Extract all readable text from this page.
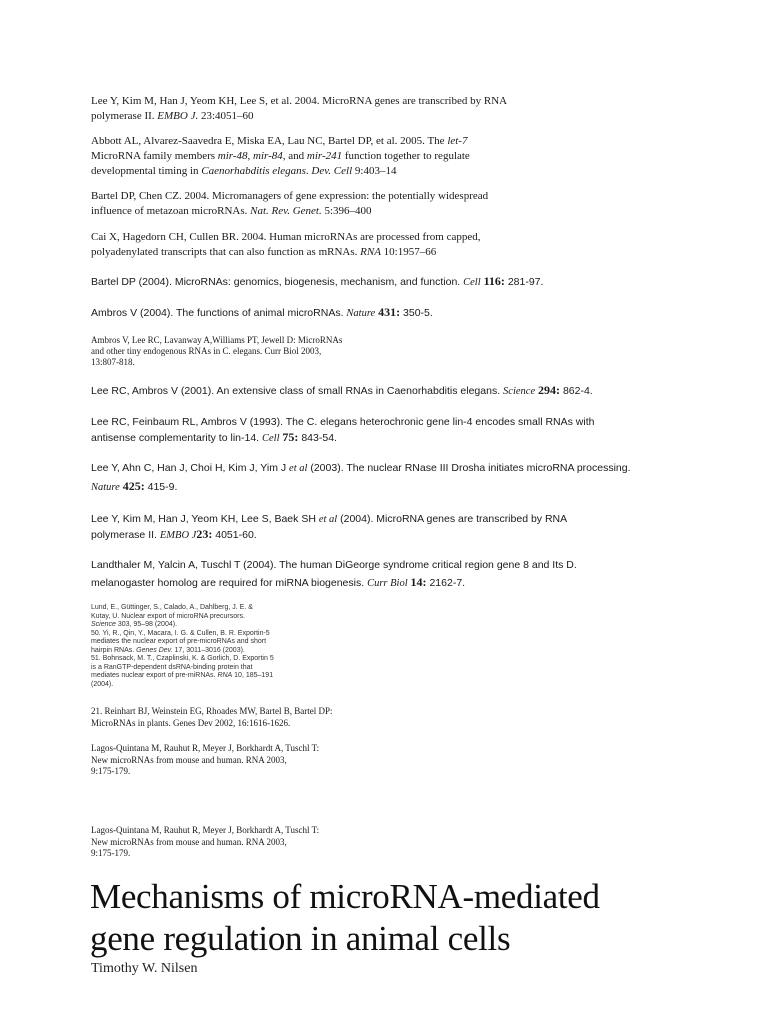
Lee Y, Kim M, Han J, Yeom KH, Lee S, et al. 2004. MicroRNA genes are transcribed by RNA
polymerase II. EMBO J. 23:4051–60
Abbott AL, Alvarez-Saavedra E, Miska EA, Lau NC, Bartel DP, et al. 2005. The let-7
MicroRNA family members mir-48, mir-84, and mir-241 function together to regulate
developmental timing in Caenorhabditis elegans. Dev. Cell 9:403–14
Bartel DP, Chen CZ. 2004. Micromanagers of gene expression: the potentially widespread
influence of metazoan microRNAs. Nat. Rev. Genet. 5:396–400
Cai X, Hagedorn CH, Cullen BR. 2004. Human microRNAs are processed from capped,
polyadenylated transcripts that can also function as mRNAs. RNA 10:1957–66
Bartel DP (2004). MicroRNAs: genomics, biogenesis, mechanism, and function. Cell 116: 281-97.
Ambros V (2004). The functions of animal microRNAs. Nature 431: 350-5.
Ambros V, Lee RC, Lavanway A,Williams PT, Jewell D: MicroRNAs
and other tiny endogenous RNAs in C. elegans. Curr Biol 2003,
13:807-818.
Lee RC, Ambros V (2001). An extensive class of small RNAs in Caenorhabditis elegans. Science 294: 862-4.
Lee RC, Feinbaum RL, Ambros V (1993). The C. elegans heterochronic gene lin-4 encodes small RNAs with
antisense complementarity to lin-14. Cell 75: 843-54.
Lee Y, Ahn C, Han J, Choi H, Kim J, Yim J et al (2003). The nuclear RNase III Drosha initiates microRNA processing.
Nature 425: 415-9.
Lee Y, Kim M, Han J, Yeom KH, Lee S, Baek SH et al (2004). MicroRNA genes are transcribed by RNA
polymerase II. EMBO J23: 4051-60.
Landthaler M, Yalcin A, Tuschl T (2004). The human DiGeorge syndrome critical region gene 8 and Its D.
melanogaster homolog are required for miRNA biogenesis. Curr Biol 14: 2162-7.
Lund, E., Güttinger, S., Calado, A., Dahlberg, J. E. &
Kutay, U. Nuclear export of microRNA precursors.
Science 303, 95–98 (2004).
50. Yi, R., Qin, Y., Macara, I. G. & Cullen, B. R. Exportin-5
mediates the nuclear export of pre-microRNAs and short
hairpin RNAs. Genes Dev. 17, 3011–3016 (2003).
51. Bohnsack, M. T., Czaplinski, K. & Gorlich, D. Exportin 5
is a RanGTP-dependent dsRNA-binding protein that
mediates nuclear export of pre-miRNAs. RNA 10, 185–191
(2004).
21. Reinhart BJ, Weinstein EG, Rhoades MW, Bartel B, Bartel DP:
MicroRNAs in plants. Genes Dev 2002, 16:1616-1626.
Lagos-Quintana M, Rauhut R, Meyer J, Borkhardt A, Tuschl T:
New microRNAs from mouse and human. RNA 2003,
9:175-179.
Lagos-Quintana M, Rauhut R, Meyer J, Borkhardt A, Tuschl T:
New microRNAs from mouse and human. RNA 2003,
9:175-179.
Mechanisms of microRNA-mediated
gene regulation in animal cells

Timothy W. Nilsen
